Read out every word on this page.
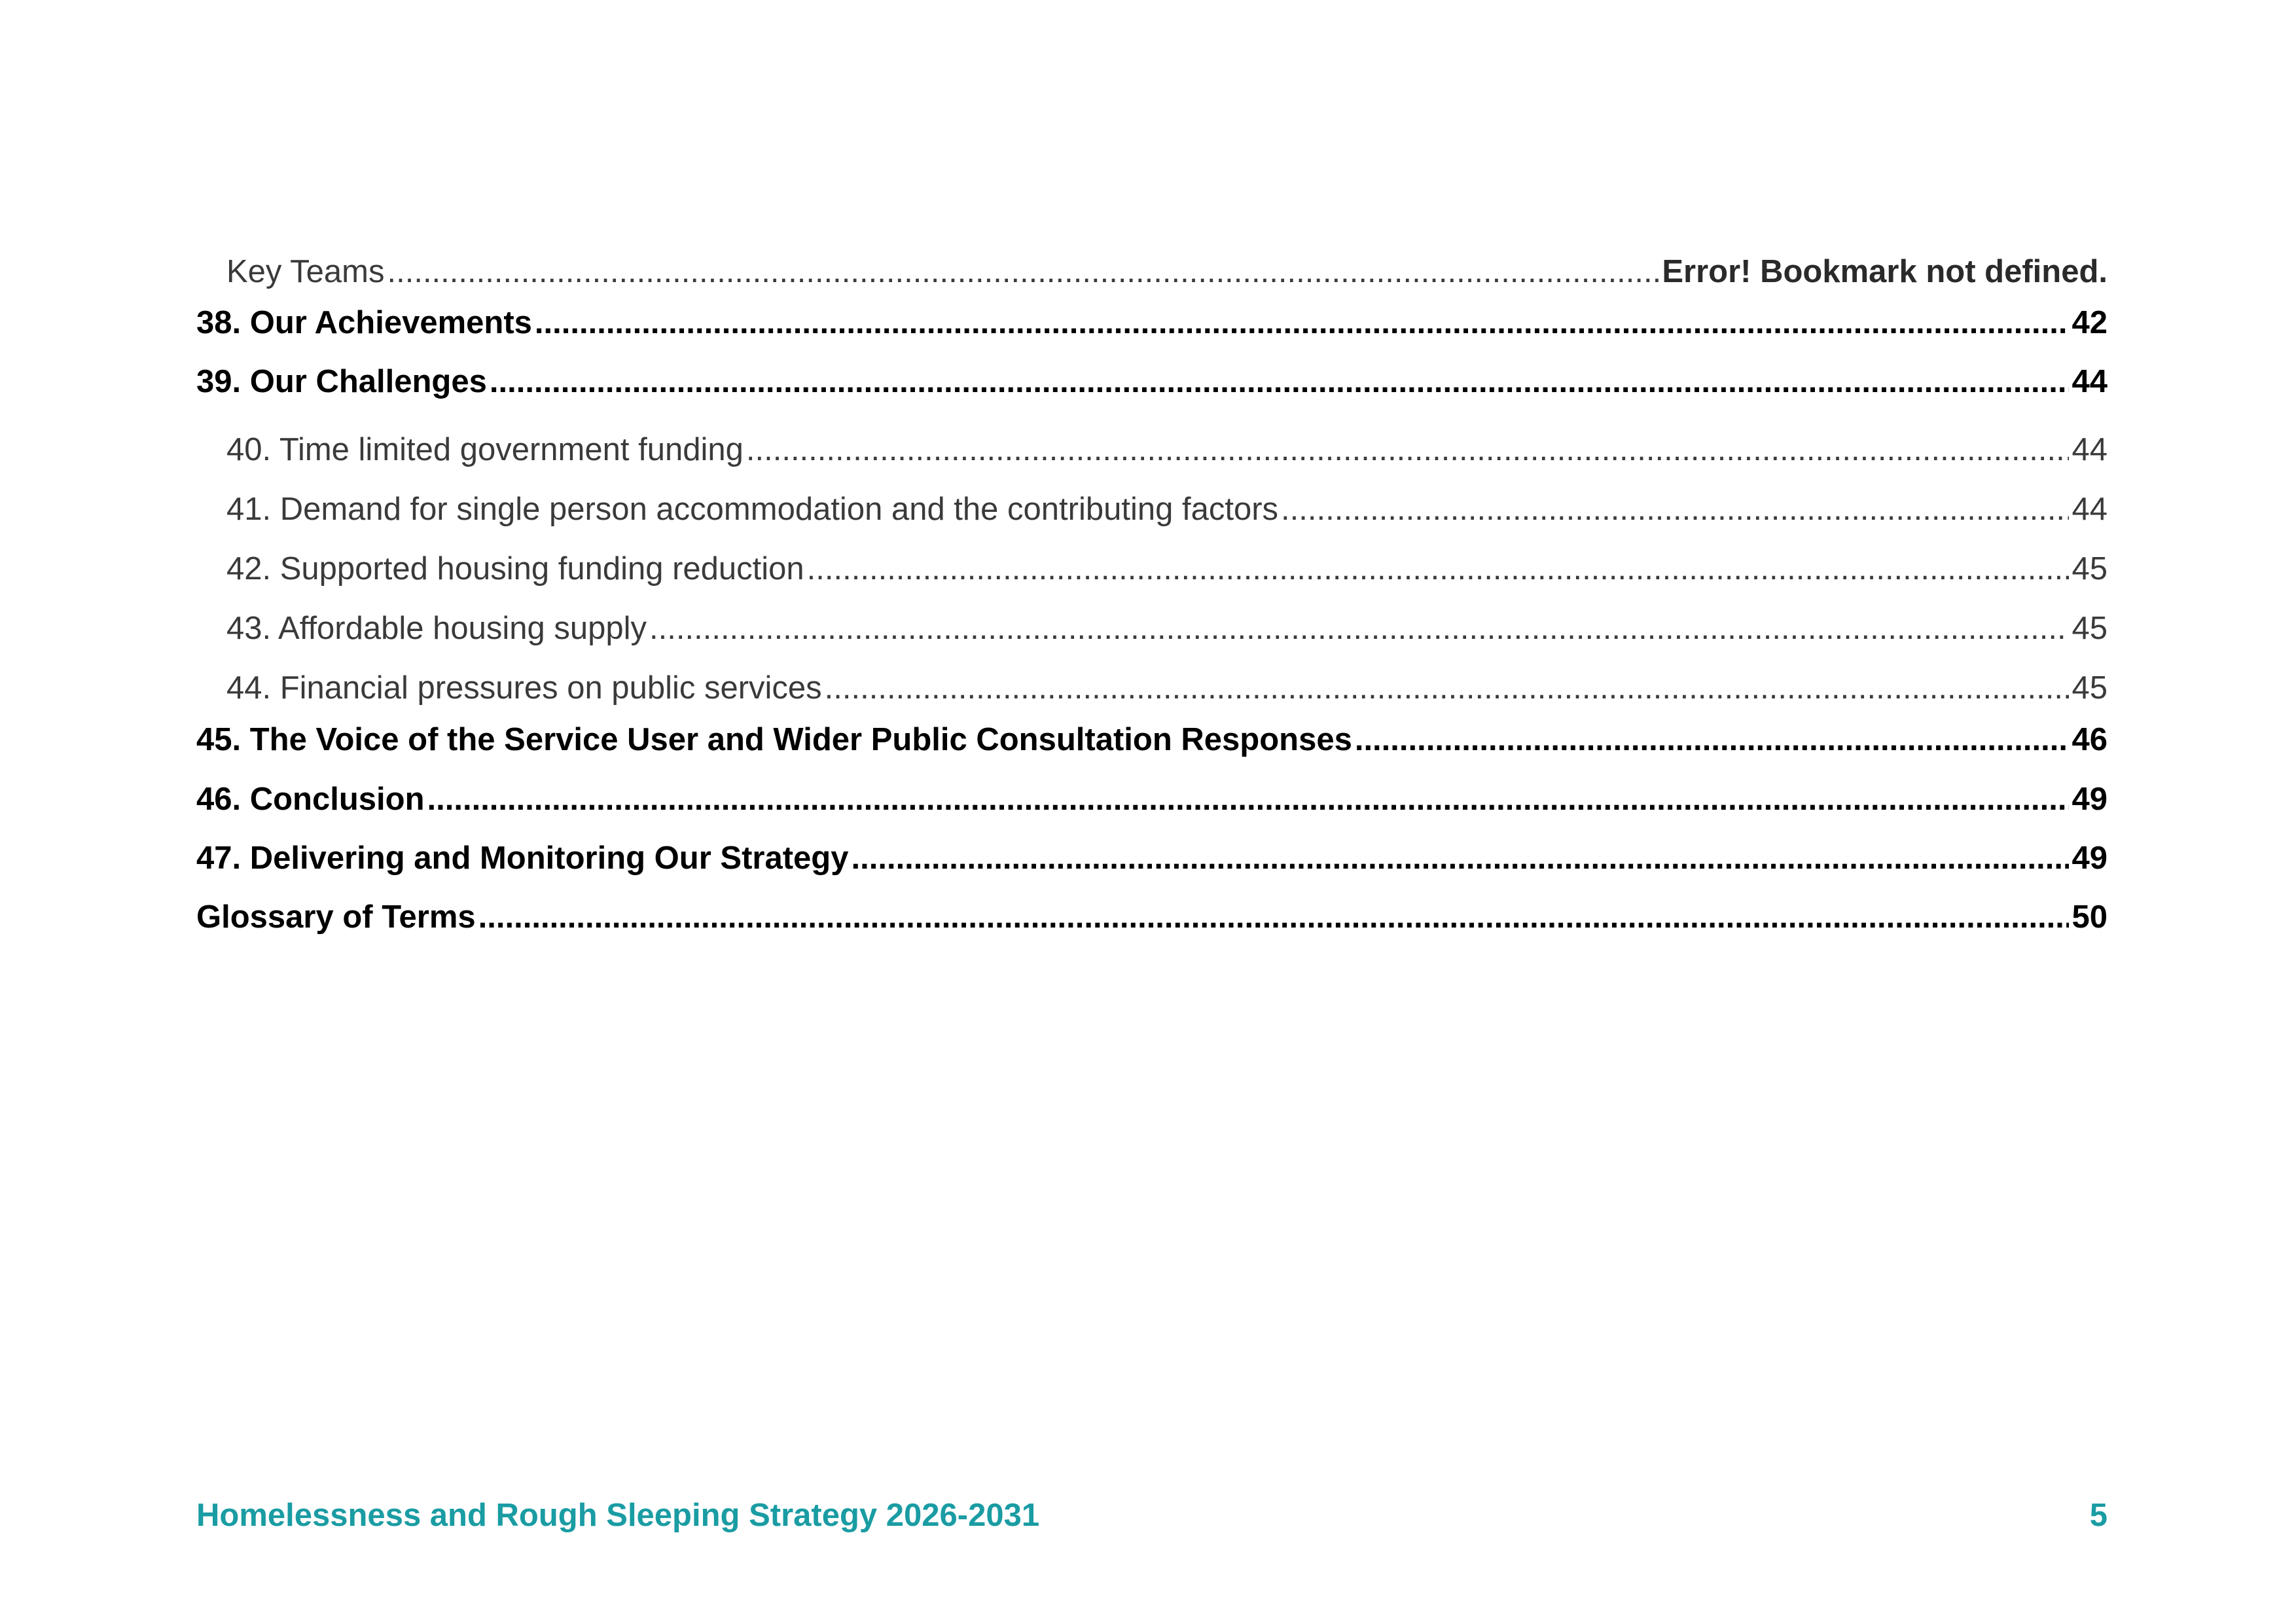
Key Teams .....	Error! Bookmark not defined.
38. Our Achievements .....	42
39. Our Challenges .....	44
40. Time limited government funding .....	44
41. Demand for single person accommodation and the contributing factors .....	44
42. Supported housing funding reduction .....	45
43. Affordable housing supply .....	45
44. Financial pressures on public services .....	45
45. The Voice of the Service User and Wider Public Consultation Responses .....	46
46. Conclusion .....	49
47. Delivering and Monitoring Our Strategy .....	49
Glossary of Terms .....	50
Homelessness and Rough Sleeping Strategy 2026-2031	5
